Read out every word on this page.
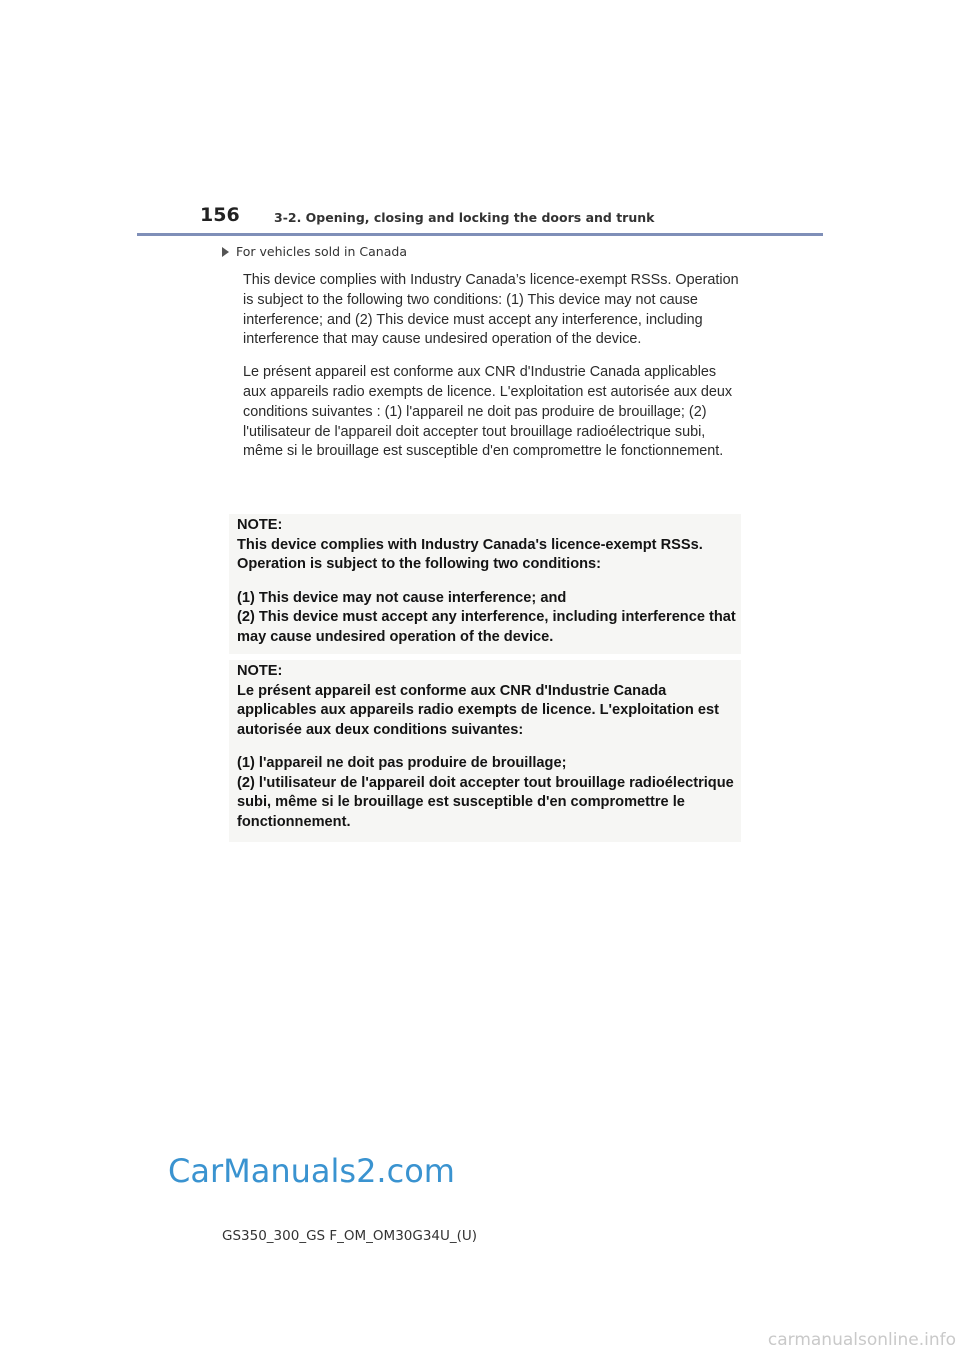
156	3-2. Opening, closing and locking the doors and trunk
For vehicles sold in Canada

This device complies with Industry Canada’s licence-exempt RSSs. Operation is subject to the following two conditions: (1) This device may not cause interference; and (2) This device must accept any interference, including interference that may cause undesired operation of the device.

Le présent appareil est conforme aux CNR d'Industrie Canada applicables aux appareils radio exempts de licence. L'exploitation est autorisée aux deux conditions suivantes : (1) l'appareil ne doit pas produire de brouillage; (2) l'utilisateur de l'appareil doit accepter tout brouillage radioélectrique subi, même si le brouillage est susceptible d'en compromettre le fonctionnement.

NOTE:

This device complies with Industry Canada's licence-exempt RSSs.

Operation is subject to the following two conditions:

(1) This device may not cause interference; and

(2) This device must accept any interference, including interference that

may cause undesired operation of the device.

NOTE:

Le présent appareil est conforme aux CNR d'Industrie Canada

applicables aux appareils radio exempts de licence. L'exploitation est

autorisée aux deux conditions suivantes:

(1) l'appareil ne doit pas produire de brouillage;

(2) l'utilisateur de l'appareil doit accepter tout brouillage radioélectrique

subi, même si le brouillage est susceptible d'en compromettre le

fonctionnement.

CarManuals2.com
GS350_300_GS F_OM_OM30G34U_(U)
carmanualsonline.info
